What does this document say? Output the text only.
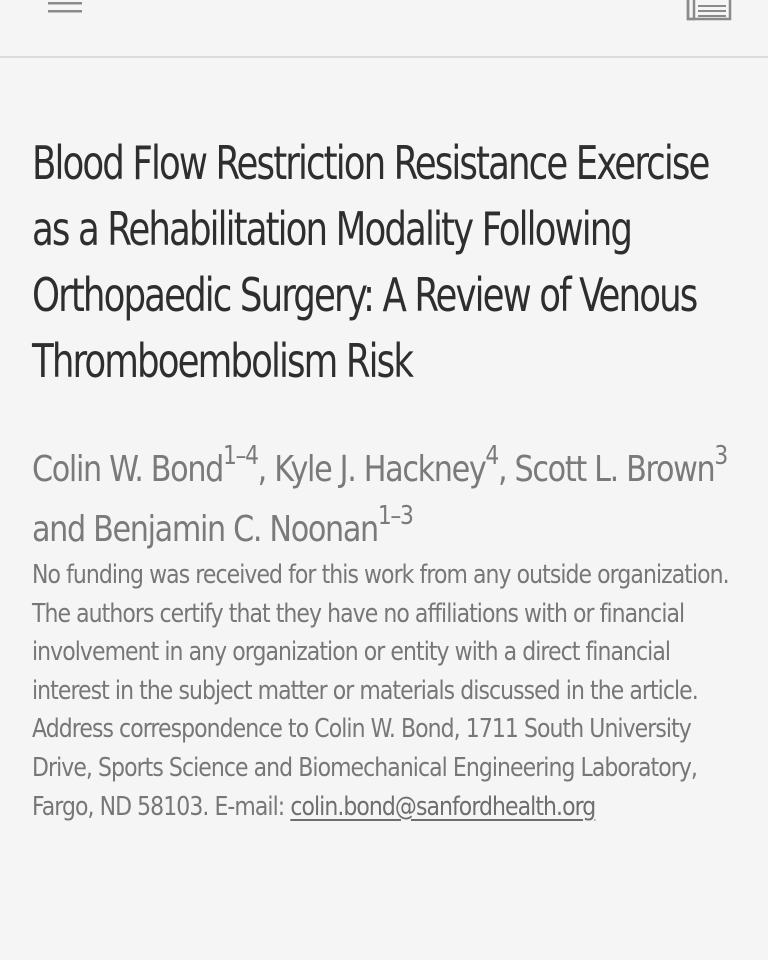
Blood Flow Restriction Resistance Exercise as a Rehabilitation Modality Following Orthopaedic Surgery: A Review of Venous Thromboembolism Risk
Colin W. Bond$^{1-4}$, Kyle J. Hackney$^4$, Scott L. Brown$^3$ and Benjamin C. Noonan$^{1-3}$

No funding was received for this work from any outside organization. The authors certify that they have no affiliations with or financial involvement in any organization or entity with a direct financial interest in the subject matter or materials discussed in the article.

Address correspondence to Colin W. Bond, 1711 South University Drive, Sports Science and Biomechanical Engineering Laboratory, Fargo, ND 58103. E-mail: colin.bond@sanfordhealth.org
